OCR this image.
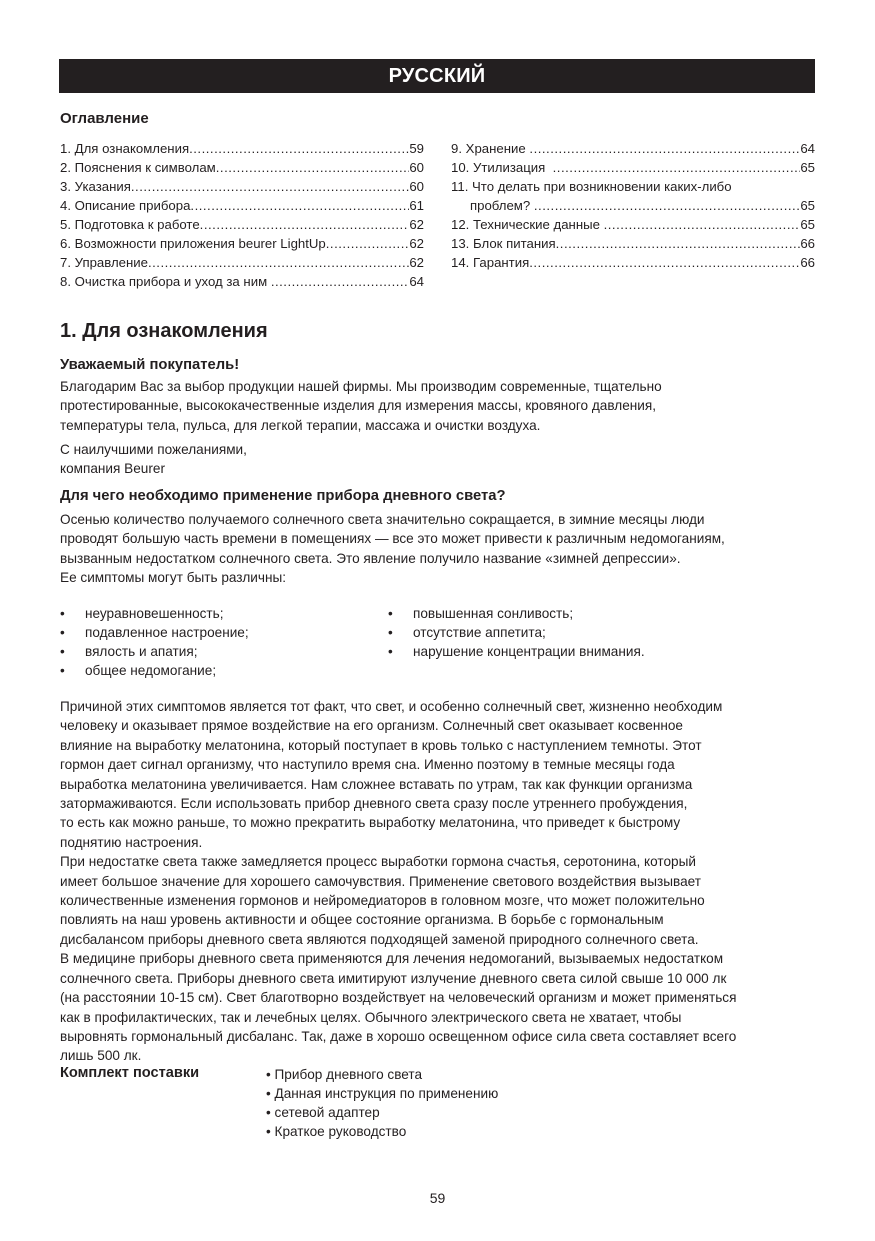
РУССКИЙ
Оглавление
1. Для ознакомления .....	59
2. Пояснения к символам .....	60
3. Указания .....	60
4. Описание прибора .....	61
5. Подготовка к работе .....	62
6. Возможности приложения beurer LightUp .....	62
7. Управление .....	62
8. Очистка прибора и уход за ним .....	64
9. Хранение .....	64
10. Утилизация .....	65
11. Что делать при возникновении каких-либо
проблем? .....	65
12. Технические данные .....	65
13. Блок питания .....	66
14. Гарантия .....	66
1. Для ознакомления
Уважаемый покупатель!

Благодарим Вас за выбор продукции нашей фирмы. Мы производим современные, тщательно

протестированные, высококачественные изделия для измерения массы, кровяного давления,

температуры тела, пульса, для легкой терапии, массажа и очистки воздуха.

С наилучшими пожеланиями,

компания Beurer

Для чего необходимо применение прибора дневного света?

Осенью количество получаемого солнечного света значительно сокращается, в зимние месяцы люди

проводят большую часть времени в помещениях — все это может привести к различным недомоганиям,

вызванным недостатком солнечного света. Это явление получило название «зимней депрессии».

Ее симптомы могут быть различны:

•	неуравновешенность;
•	подавленное настроение;
•	вялость и апатия;
•	общее недомогание;
•	повышенная сонливость;
•	отсутствие аппетита;
•	нарушение концентрации внимания.

Причиной этих симптомов является тот факт, что свет, и особенно солнечный свет, жизненно необходим

человеку и оказывает прямое воздействие на его организм. Солнечный свет оказывает косвенное

влияние на выработку мелатонина, который поступает в кровь только с наступлением темноты. Этот

гормон дает сигнал организму, что наступило время сна. Именно поэтому в темные месяцы года

выработка мелатонина увеличивается. Нам сложнее вставать по утрам, так как функции организма

затормаживаются. Если использовать прибор дневного света сразу после утреннего пробуждения,

то есть как можно раньше, то можно прекратить выработку мелатонина, что приведет к быстрому

поднятию настроения.

При недостатке света также замедляется процесс выработки гормона счастья, серотонина, который

имеет большое значение для хорошего самочувствия. Применение светового воздействия вызывает

количественные изменения гормонов и нейромедиаторов в головном мозге, что может положительно

повлиять на наш уровень активности и общее состояние организма. В борьбе с гормональным

дисбалансом приборы дневного света являются подходящей заменой природного солнечного света.

В медицине приборы дневного света применяются для лечения недомоганий, вызываемых недостатком

солнечного света. Приборы дневного света имитируют излучение дневного света силой свыше 10 000 лк

(на расстоянии 10-15 см). Свет благотворно воздействует на человеческий организм и может применяться

как в профилактических, так и лечебных целях. Обычного электрического света не хватает, чтобы

выровнять гормональный дисбаланс. Так, даже в хорошо освещенном офисе сила света составляет всего

лишь 500 лк.

Комплект поставки	• Прибор дневного света
• Данная инструкция по применению
• сетевой адаптер
• Краткое руководство
59
